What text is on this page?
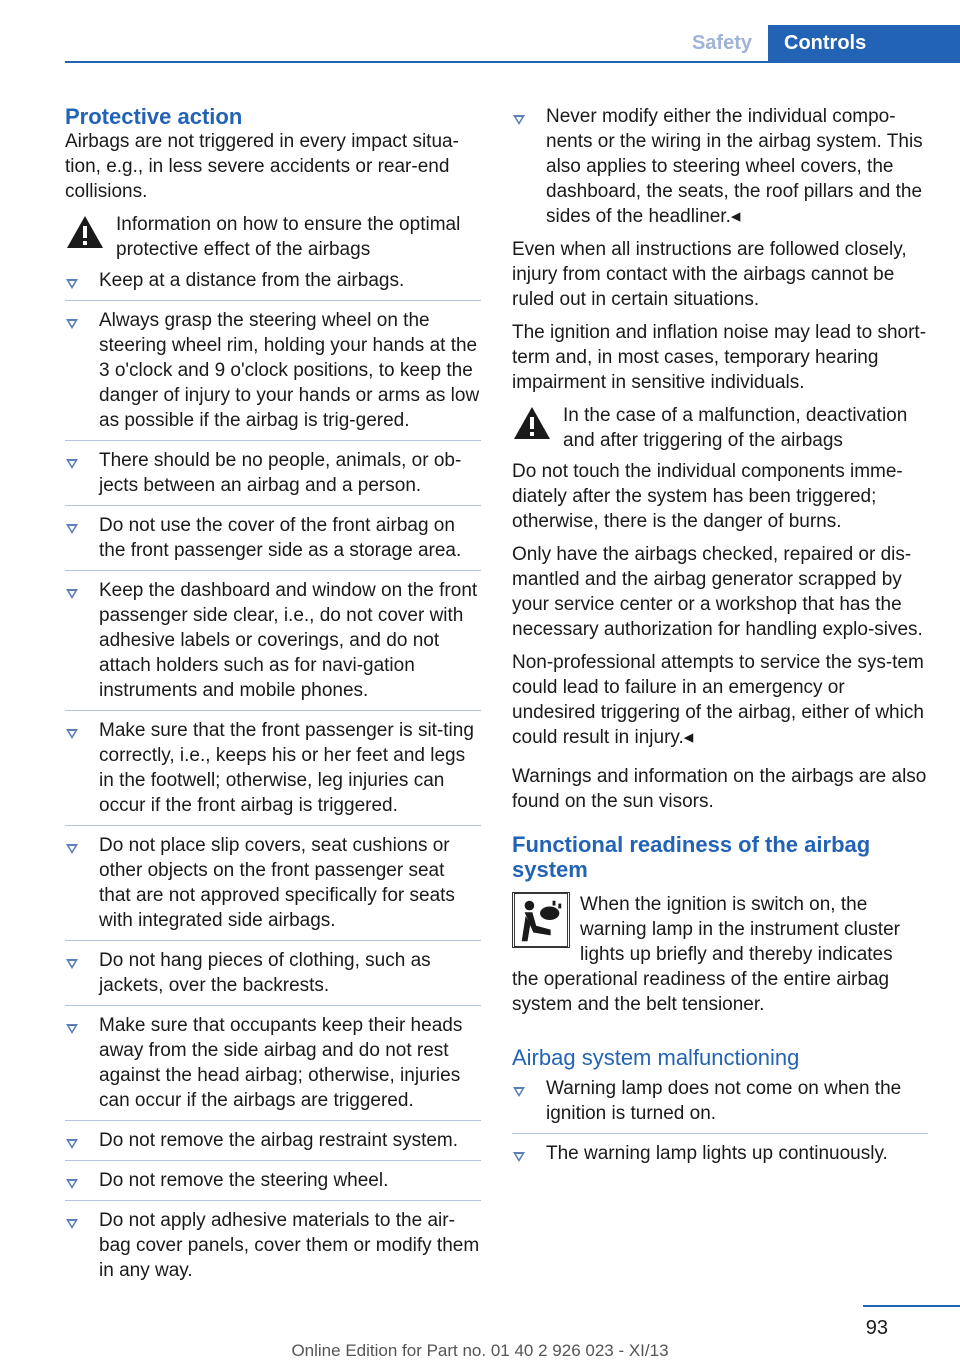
Safety	Controls
Protective action

Airbags are not triggered in every impact situa-tion, e.g., in less severe accidents or rear-end collisions.

Information on how to ensure the optimal protective effect of the airbags
Keep at a distance from the airbags.
Always grasp the steering wheel on the steering wheel rim, holding your hands at the 3 o'clock and 9 o'clock positions, to keep the danger of injury to your hands or arms as low as possible if the airbag is trig-gered.
There should be no people, animals, or ob-jects between an airbag and a person.
Do not use the cover of the front airbag on the front passenger side as a storage area.
Keep the dashboard and window on the front passenger side clear, i.e., do not cover with adhesive labels or coverings, and do not attach holders such as for navi-gation instruments and mobile phones.
Make sure that the front passenger is sit-ting correctly, i.e., keeps his or her feet and legs in the footwell; otherwise, leg injuries can occur if the front airbag is triggered.
Do not place slip covers, seat cushions or other objects on the front passenger seat that are not approved specifically for seats with integrated side airbags.
Do not hang pieces of clothing, such as jackets, over the backrests.
Make sure that occupants keep their heads away from the side airbag and do not rest against the head airbag; otherwise, injuries can occur if the airbags are triggered.
Do not remove the airbag restraint system.
Do not remove the steering wheel.
Do not apply adhesive materials to the air-bag cover panels, cover them or modify them in any way.
Never modify either the individual compo-nents or the wiring in the airbag system. This also applies to steering wheel covers, the dashboard, the seats, the roof pillars and the sides of the headliner.◂

Even when all instructions are followed closely, injury from contact with the airbags cannot be ruled out in certain situations.

The ignition and inflation noise may lead to short-term and, in most cases, temporary hearing impairment in sensitive individuals.

In the case of a malfunction, deactivation and after triggering of the airbags

Do not touch the individual components imme-diately after the system has been triggered; otherwise, there is the danger of burns.

Only have the airbags checked, repaired or dis-mantled and the airbag generator scrapped by your service center or a workshop that has the necessary authorization for handling explo-sives.

Non-professional attempts to service the sys-tem could lead to failure in an emergency or undesired triggering of the airbag, either of which could result in injury.◂

Warnings and information on the airbags are also found on the sun visors.

Functional readiness of the airbag system
When the ignition is switch on, the warning lamp in the instrument cluster lights up briefly and thereby indicates

the operational readiness of the entire airbag system and the belt tensioner.

Airbag system malfunctioning
Warning lamp does not come on when the ignition is turned on.
The warning lamp lights up continuously.
93
Online Edition for Part no. 01 40 2 926 023 - XI/13
